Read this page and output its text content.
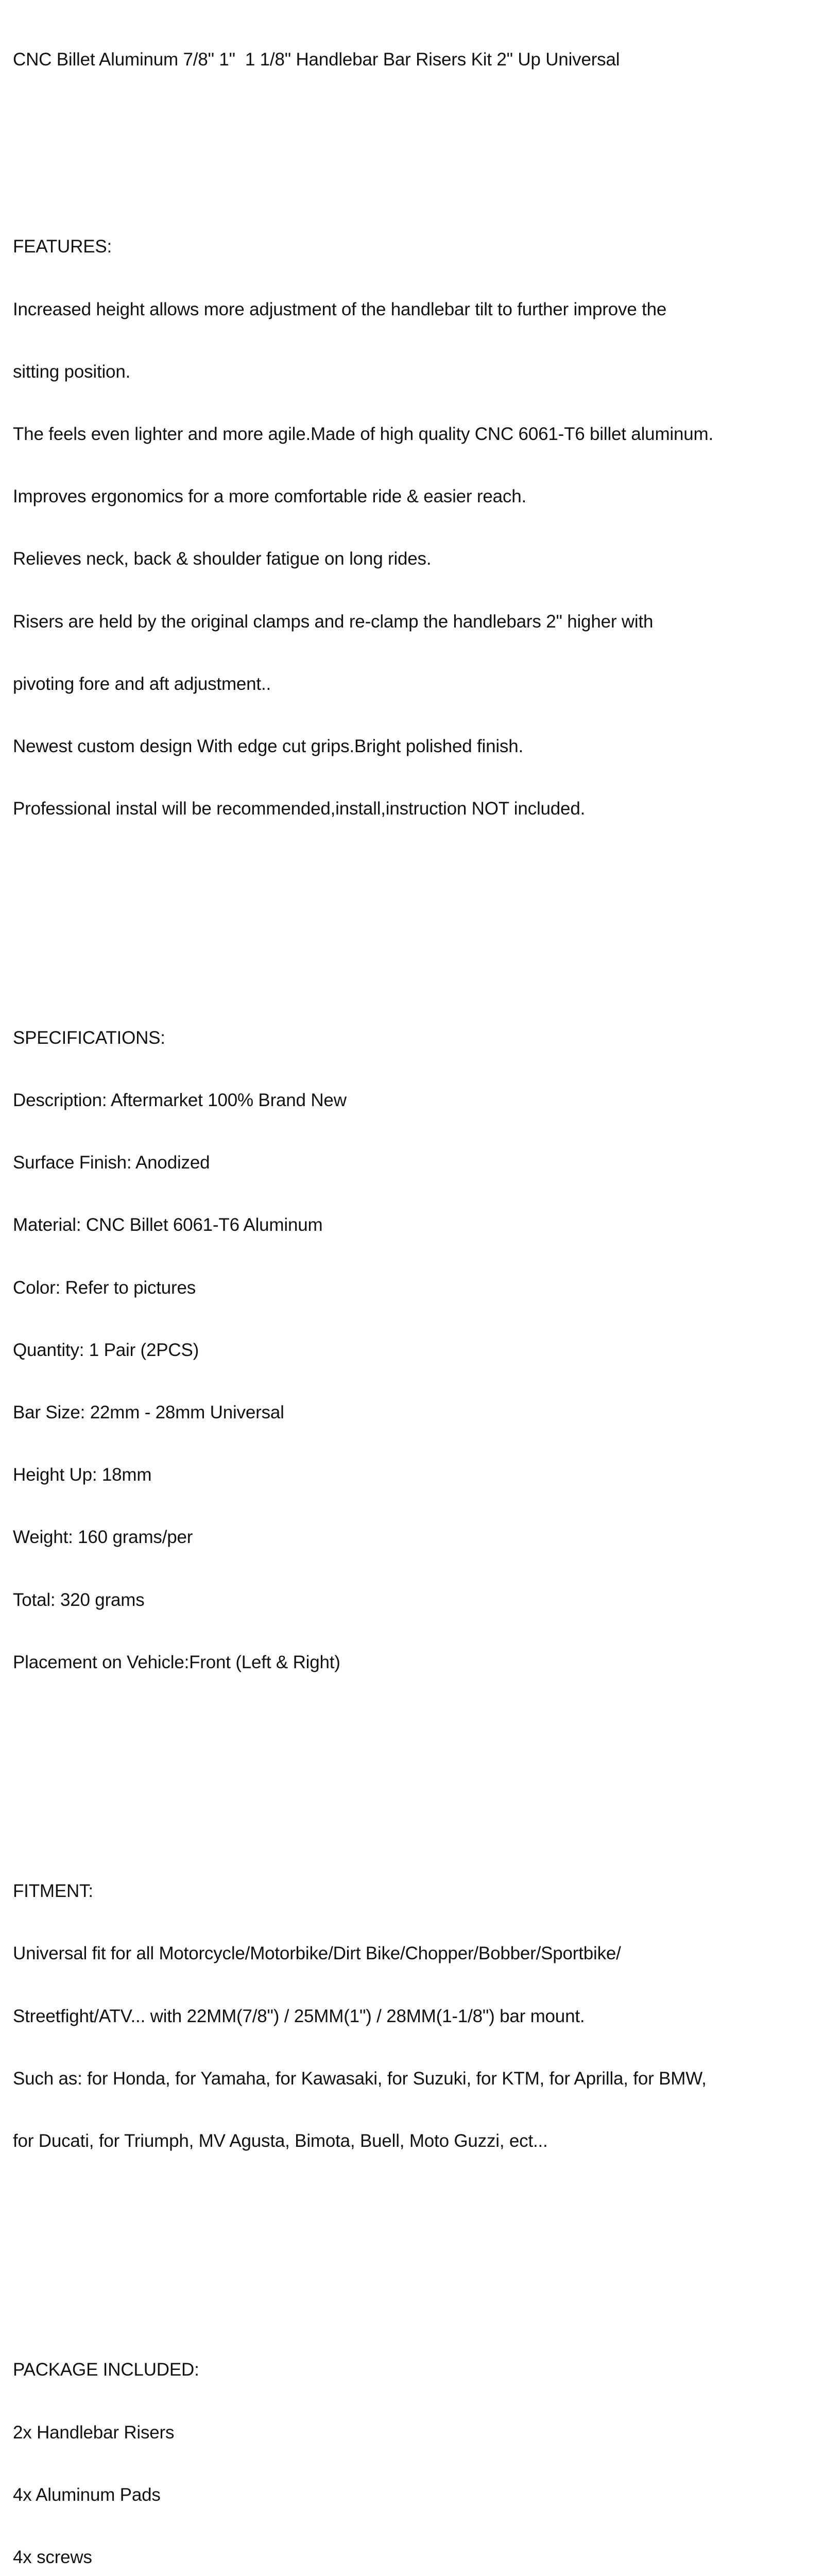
CNC Billet Aluminum 7/8" 1"  1 1/8" Handlebar Bar Risers Kit 2" Up Universal

FEATURES:

Increased height allows more adjustment of the handlebar tilt to further improve the

sitting position.

The feels even lighter and more agile.Made of high quality CNC 6061-T6 billet aluminum.

Improves ergonomics for a more comfortable ride & easier reach.

Relieves neck, back & shoulder fatigue on long rides.

Risers are held by the original clamps and re-clamp the handlebars 2" higher with

pivoting fore and aft adjustment..

Newest custom design With edge cut grips.Bright polished finish.

Professional instal will be recommended,install,instruction NOT included.

SPECIFICATIONS:

Description: Aftermarket 100% Brand New

Surface Finish: Anodized

Material: CNC Billet 6061-T6 Aluminum

Color: Refer to pictures

Quantity: 1 Pair (2PCS)

Bar Size: 22mm - 28mm Universal

Height Up: 18mm

Weight: 160 grams/per

Total: 320 grams

Placement on Vehicle:Front (Left & Right)

FITMENT:

Universal fit for all Motorcycle/Motorbike/Dirt Bike/Chopper/Bobber/Sportbike/

Streetfight/ATV... with 22MM(7/8") / 25MM(1") / 28MM(1-1/8") bar mount.

Such as: for Honda, for Yamaha, for Kawasaki, for Suzuki, for KTM, for Aprilla, for BMW,

for Ducati, for Triumph, MV Agusta, Bimota, Buell, Moto Guzzi, ect...

PACKAGE INCLUDED:

2x Handlebar Risers

4x Aluminum Pads

4x screws
